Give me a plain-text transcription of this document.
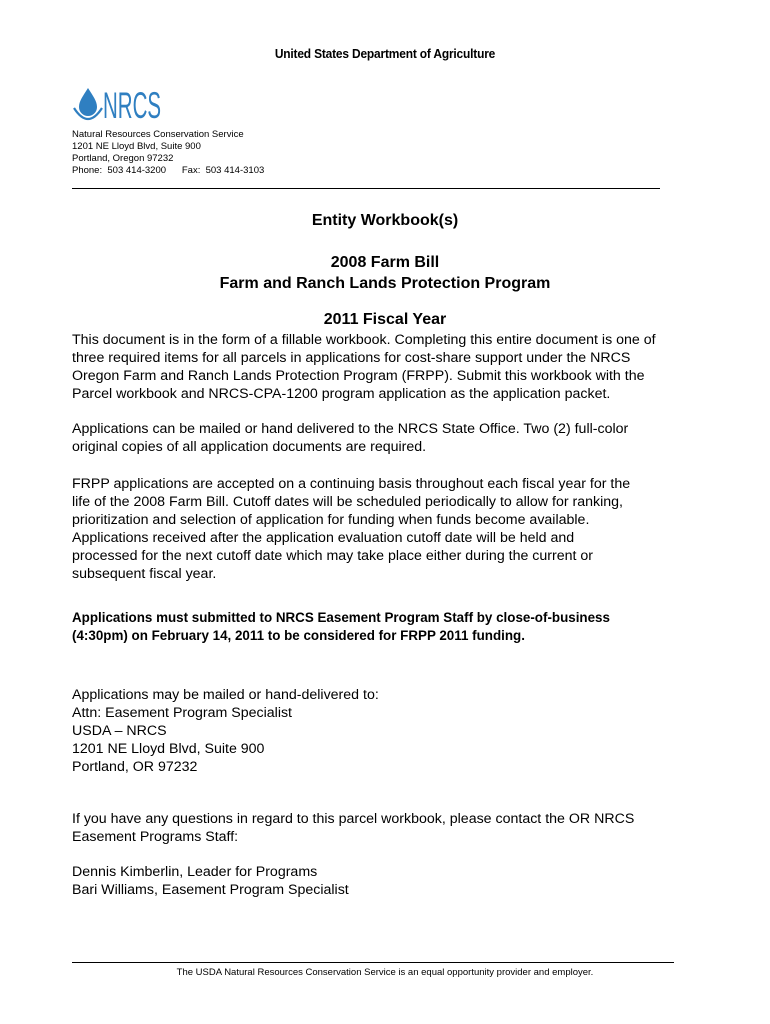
United States Department of Agriculture
NRCS
Natural Resources Conservation Service
1201 NE Lloyd Blvd, Suite 900
Portland, Oregon 97232
Phone:  503 414-3200      Fax:  503 414-3103
Entity Workbook(s)
2008 Farm Bill
Farm and Ranch Lands Protection Program
2011 Fiscal Year
This document is in the form of a fillable workbook. Completing this entire document is one of
three required items for all parcels in applications for cost-share support under the NRCS
Oregon Farm and Ranch Lands Protection Program (FRPP). Submit this workbook with the
Parcel workbook and NRCS-CPA-1200 program application as the application packet.
Applications can be mailed or hand delivered to the NRCS State Office. Two (2) full-color
original copies of all application documents are required.
FRPP applications are accepted on a continuing basis throughout each fiscal year for the
life of the 2008 Farm Bill. Cutoff dates will be scheduled periodically to allow for ranking,
prioritization and selection of application for funding when funds become available.
Applications received after the application evaluation cutoff date will be held and
processed for the next cutoff date which may take place either during the current or
subsequent fiscal year.
Applications must submitted to NRCS Easement Program Staff by close-of-business
(4:30pm) on February 14, 2011 to be considered for FRPP 2011 funding.
Applications may be mailed or hand-delivered to:
Attn: Easement Program Specialist
USDA – NRCS
1201 NE Lloyd Blvd, Suite 900
Portland, OR 97232
If you have any questions in regard to this parcel workbook, please contact the OR NRCS
Easement Programs Staff:
Dennis Kimberlin, Leader for Programs
Bari Williams, Easement Program Specialist
The USDA Natural Resources Conservation Service is an equal opportunity provider and employer.
